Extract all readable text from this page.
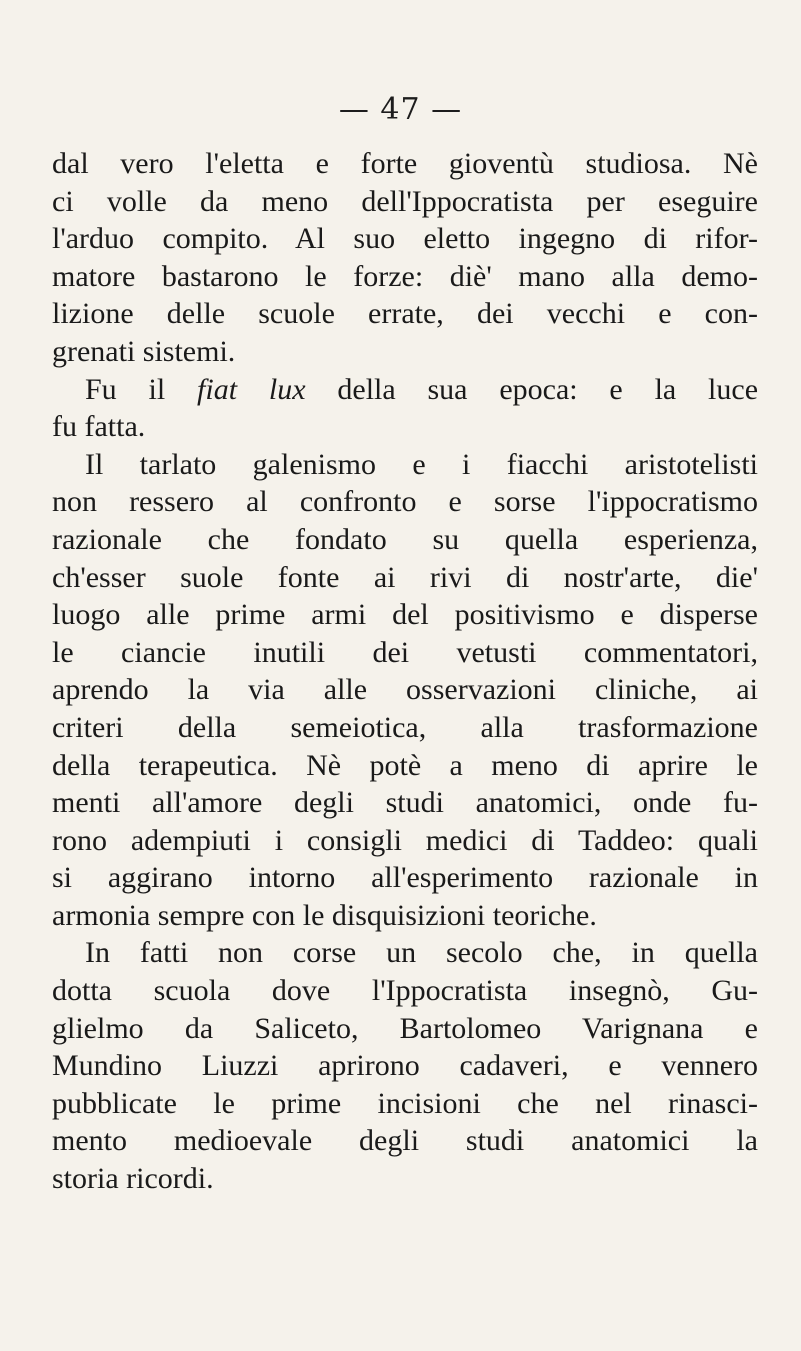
— 47 —
dal vero l'eletta e forte gioventù studiosa. Nè
ci volle da meno dell'Ippocratista per eseguire
l'arduo compito. Al suo eletto ingegno di rifor-
matore bastarono le forze: diè' mano alla demo-
lizione delle scuole errate, dei vecchi e con-
grenati sistemi.
Fu il fiat lux della sua epoca: e la luce
fu fatta.
Il tarlato galenismo e i fiacchi aristotelisti
non ressero al confronto e sorse l'ippocratismo
razionale che fondato su quella esperienza,
ch'esser suole fonte ai rivi di nostr'arte, die'
luogo alle prime armi del positivismo e disperse
le ciancie inutili dei vetusti commentatori,
aprendo la via alle osservazioni cliniche, ai
criteri della semeiotica, alla trasformazione
della terapeutica. Nè potè a meno di aprire le
menti all'amore degli studi anatomici, onde fu-
rono adempiuti i consigli medici di Taddeo: quali
si aggirano intorno all'esperimento razionale in
armonia sempre con le disquisizioni teoriche.
In fatti non corse un secolo che, in quella
dotta scuola dove l'Ippocratista insegnò, Gu-
glielmo da Saliceto, Bartolomeo Varignana e
Mundino Liuzzi aprirono cadaveri, e vennero
pubblicate le prime incisioni che nel rinasci-
mento medioevale degli studi anatomici la
storia ricordi.
